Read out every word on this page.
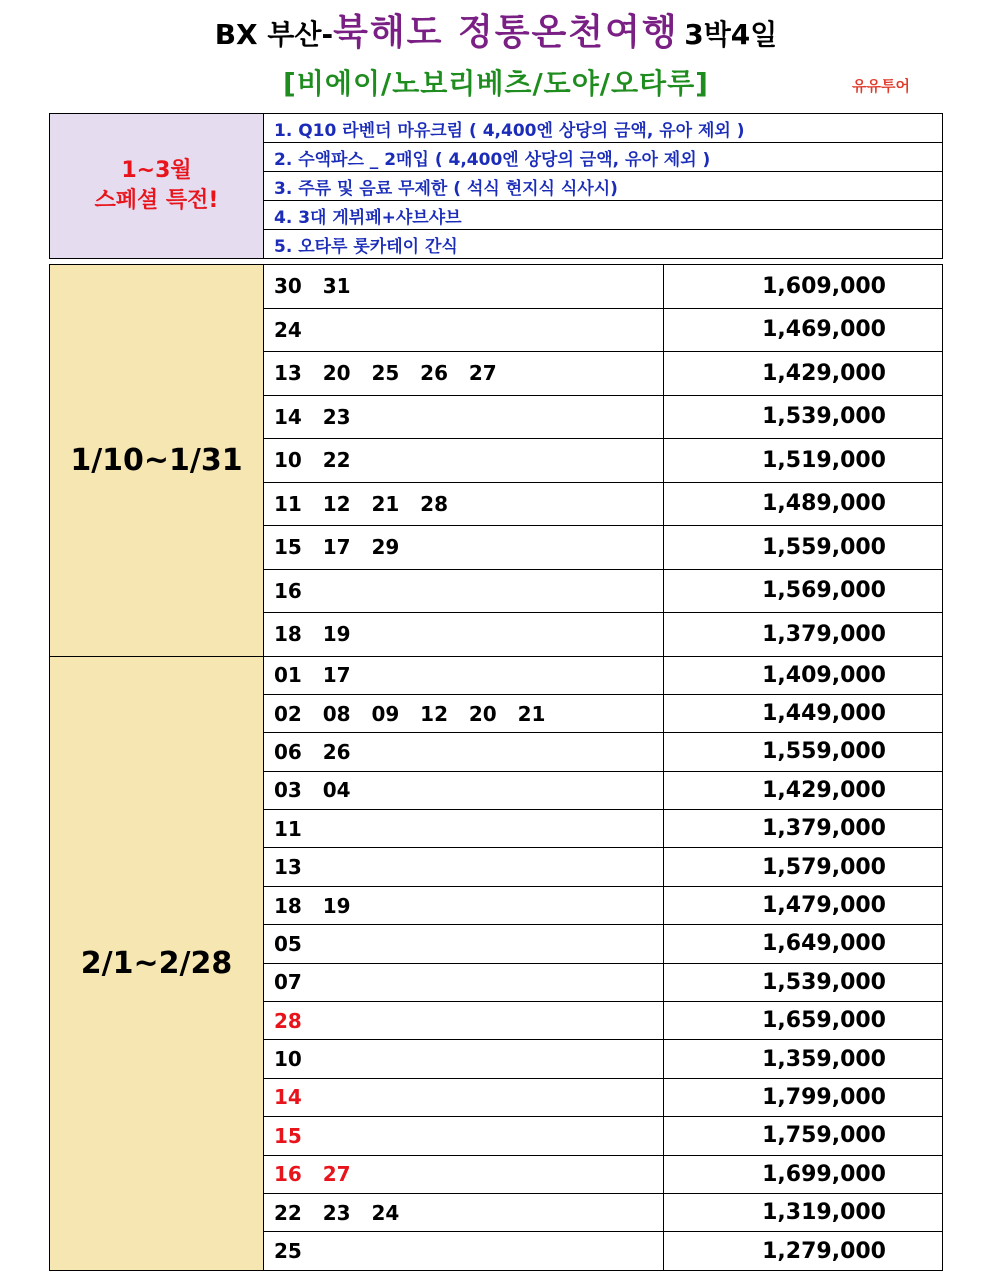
BX 부산-북해도 정통온천여행 3박4일
[비에이/노보리베츠/도야/오타루]	유유투어
1~3월
스페셜 특전!
	1. Q10 라벤더 마유크림 ( 4,400엔 상당의 금액, 유아 제외 )
2. 수액파스 _ 2매입 ( 4,400엔 상당의 금액, 유아 제외 )
3. 주류 및 음료 무제한 ( 석식 현지식 식사시)
4. 3대 게뷔페+샤브샤브
5. 오타루 롯카테이 간식
1/10~1/31	30   31	1,609,000
	24	1,469,000
	13   20   25   26   27	1,429,000
	14   23	1,539,000
	10   22	1,519,000
	11   12   21   28	1,489,000
	15   17   29	1,559,000
	16	1,569,000
	18   19	1,379,000
2/1~2/28	01   17	1,409,000
	02   08   09   12   20   21	1,449,000
	06   26	1,559,000
	03   04	1,429,000
	11	1,379,000
	13	1,579,000
	18   19	1,479,000
	05	1,649,000
	07	1,539,000
	28	1,659,000
	10	1,359,000
	14	1,799,000
	15	1,759,000
	16   27	1,699,000
	22   23   24	1,319,000
	25	1,279,000
